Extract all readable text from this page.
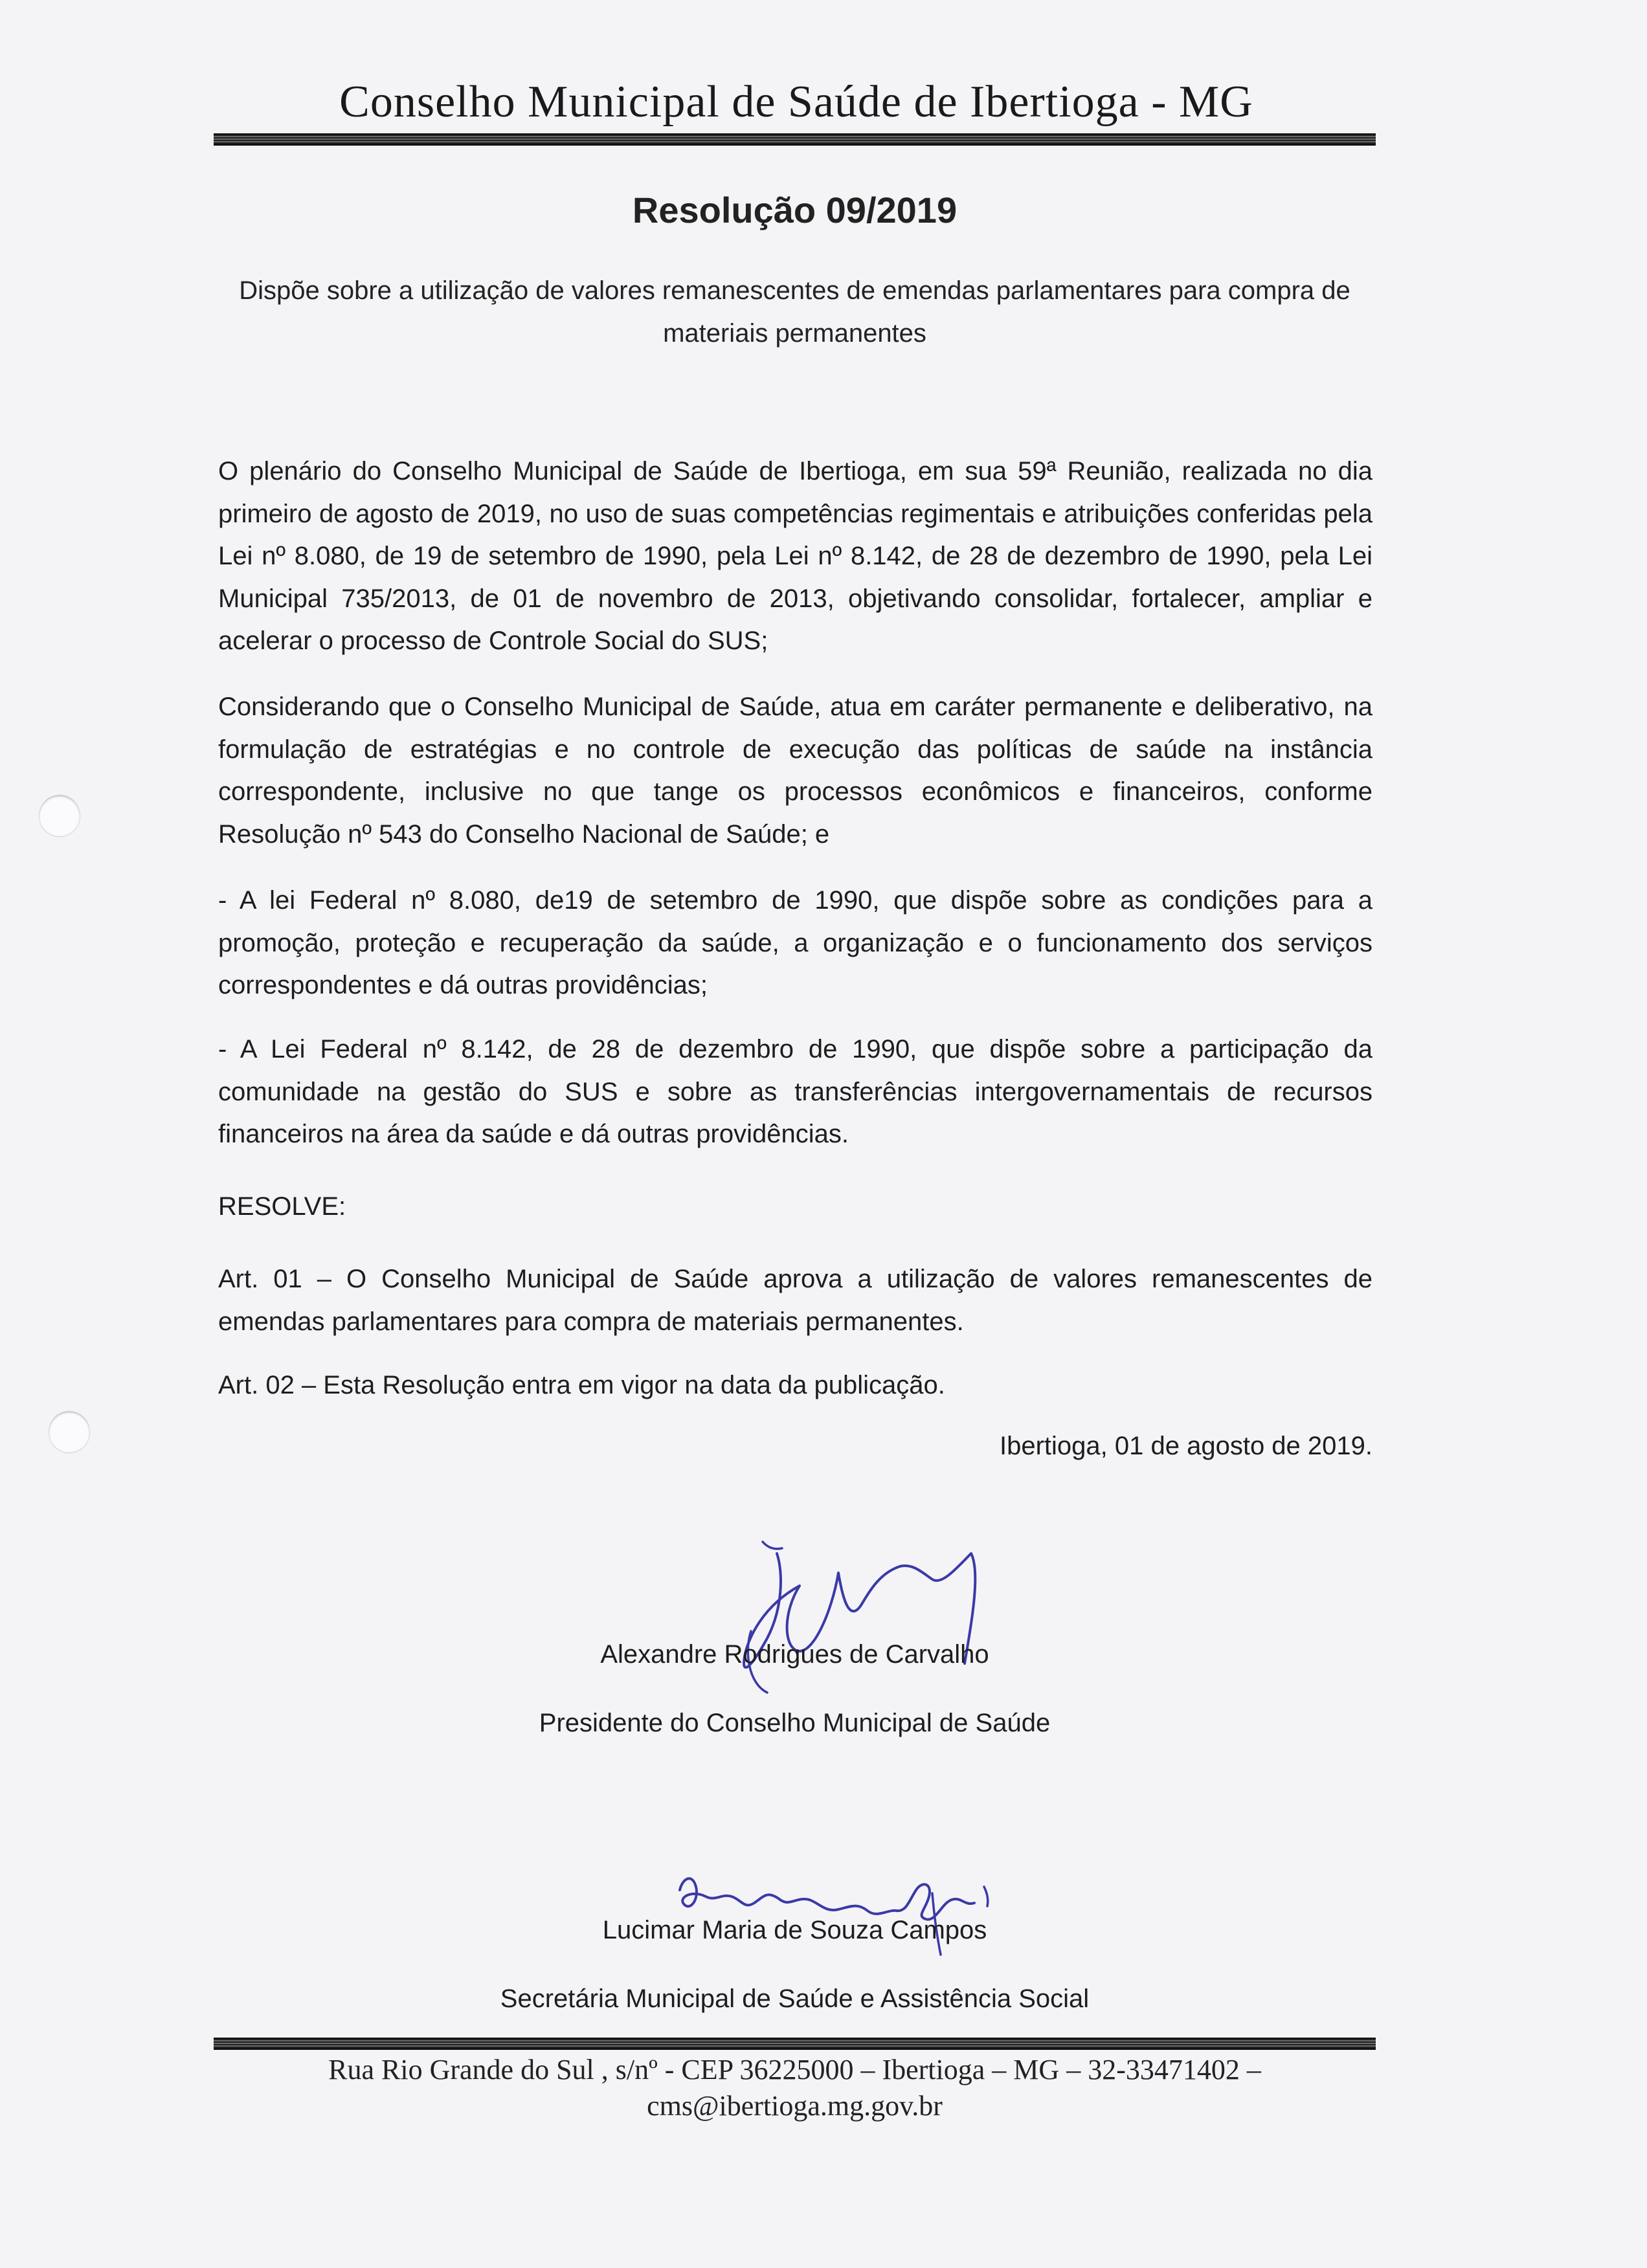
Conselho Municipal de Saúde de Ibertioga - MG
Resolução 09/2019
Dispõe sobre a utilização de valores remanescentes de emendas parlamentares para compra de materiais permanentes
O plenário do Conselho Municipal de Saúde de Ibertioga, em sua 59ª Reunião, realizada no dia primeiro de agosto de 2019, no uso de suas competências regimentais e atribuições conferidas pela Lei nº 8.080, de 19 de setembro de 1990, pela Lei nº 8.142, de 28 de dezembro de 1990, pela Lei Municipal 735/2013, de 01 de novembro de 2013, objetivando consolidar, fortalecer, ampliar e acelerar o processo de Controle Social do SUS;
Considerando que o Conselho Municipal de Saúde, atua em caráter permanente e deliberativo, na formulação de estratégias e no controle de execução das políticas de saúde na instância correspondente, inclusive no que tange os processos econômicos e financeiros, conforme Resolução nº 543 do Conselho Nacional de Saúde; e
- A lei Federal nº 8.080, de19 de setembro de 1990, que dispõe sobre as condições para a promoção, proteção e recuperação da saúde, a organização e o funcionamento dos serviços correspondentes e dá outras providências;
- A Lei Federal nº 8.142, de 28 de dezembro de 1990, que dispõe sobre a participação da comunidade na gestão do SUS e sobre as transferências intergovernamentais de recursos financeiros na área da saúde e dá outras providências.
RESOLVE:
Art. 01 – O Conselho Municipal de Saúde aprova a utilização de valores remanescentes de emendas parlamentares para compra de materiais permanentes.
Art. 02 – Esta Resolução entra em vigor na data da publicação.
Ibertioga, 01 de agosto de 2019.
Alexandre Rodrigues de Carvalho
Presidente do Conselho Municipal de Saúde
Lucimar Maria de Souza Campos
Secretária Municipal de Saúde e Assistência Social
Rua Rio Grande do Sul , s/nº - CEP 36225000 – Ibertioga – MG – 32-33471402 –
cms@ibertioga.mg.gov.br
